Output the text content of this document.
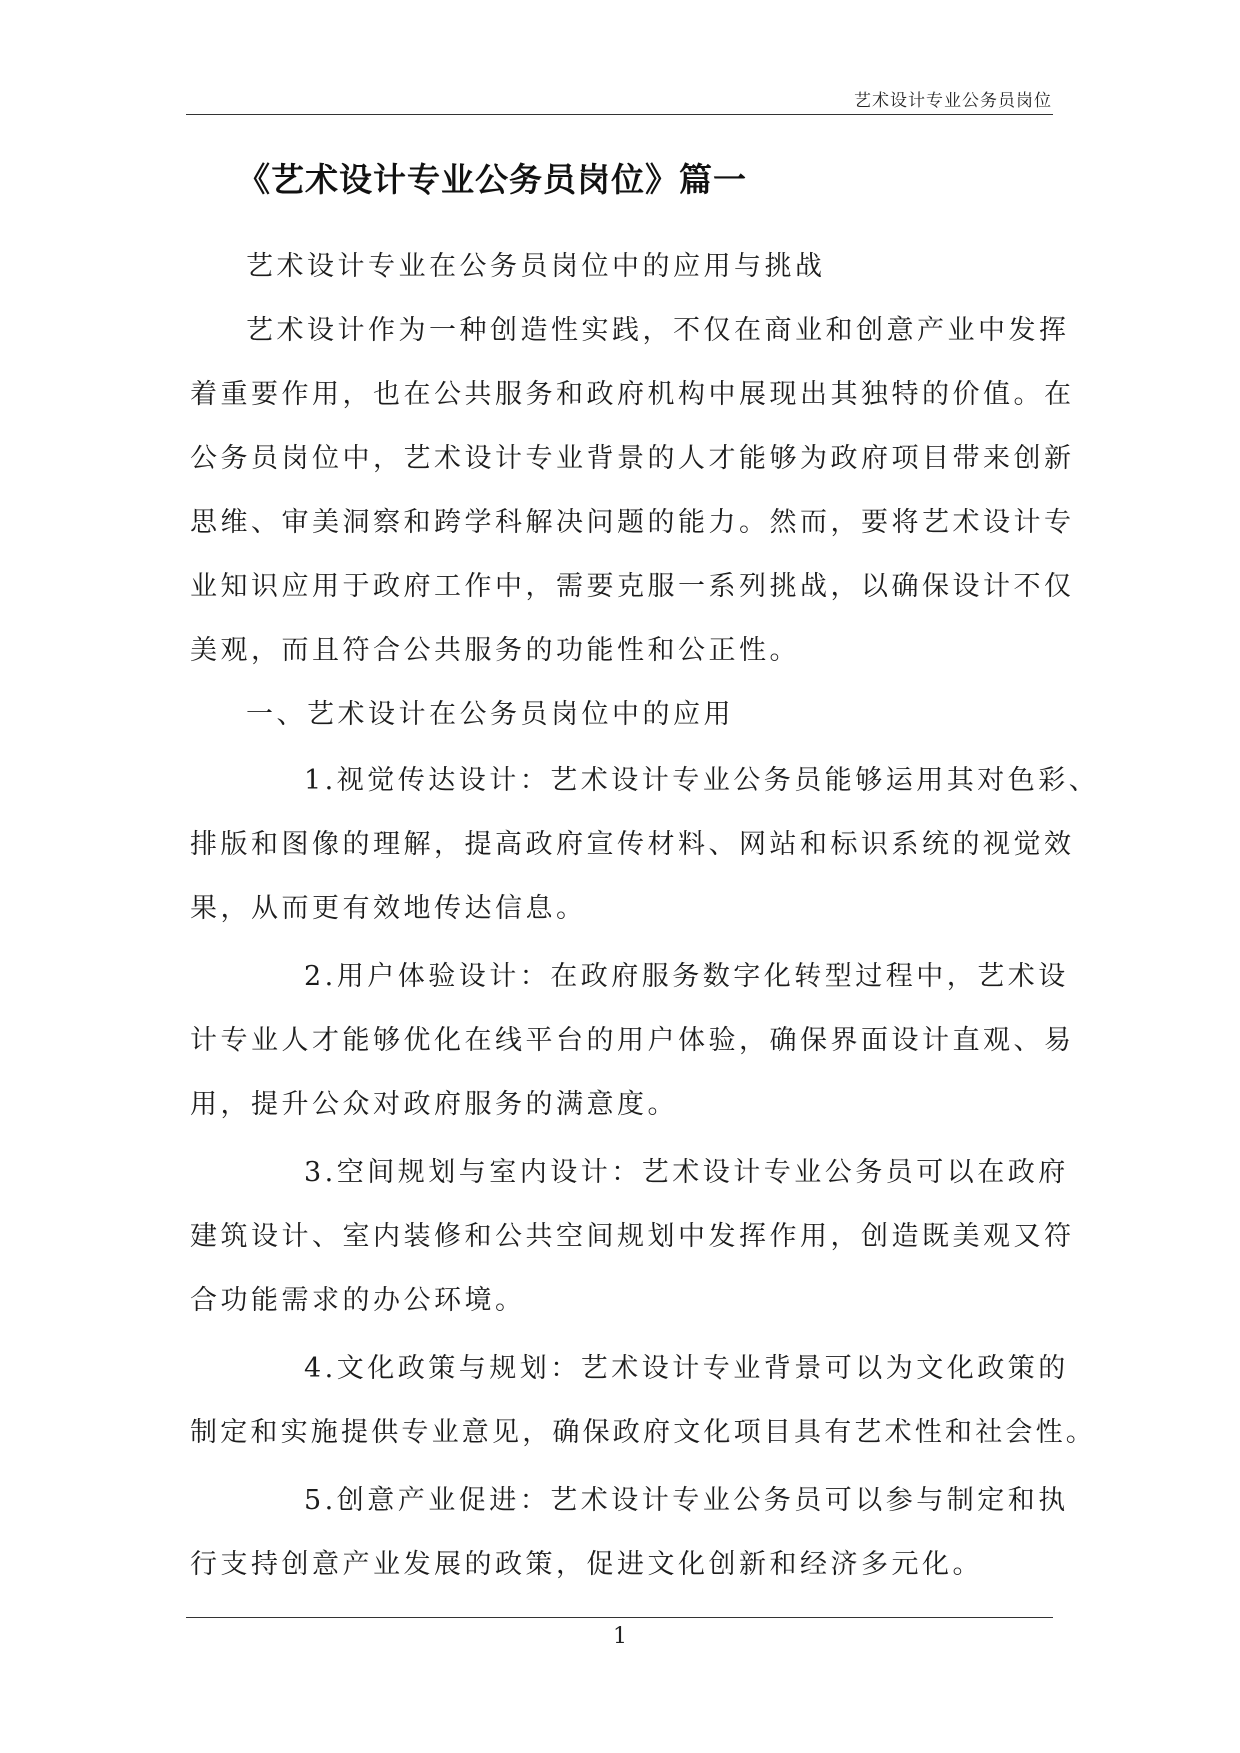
艺术设计专业公务员岗位
《艺术设计专业公务员岗位》篇一
艺术设计专业在公务员岗位中的应用与挑战
艺术设计作为一种创造性实践，不仅在商业和创意产业中发挥
着重要作用，也在公共服务和政府机构中展现出其独特的价值。在
公务员岗位中，艺术设计专业背景的人才能够为政府项目带来创新
思维、审美洞察和跨学科解决问题的能力。然而，要将艺术设计专
业知识应用于政府工作中，需要克服一系列挑战，以确保设计不仅
美观，而且符合公共服务的功能性和公正性。
一、艺术设计在公务员岗位中的应用
1.视觉传达设计：艺术设计专业公务员能够运用其对色彩、
排版和图像的理解，提高政府宣传材料、网站和标识系统的视觉效
果，从而更有效地传达信息。
2.用户体验设计：在政府服务数字化转型过程中，艺术设
计专业人才能够优化在线平台的用户体验，确保界面设计直观、易
用，提升公众对政府服务的满意度。
3.空间规划与室内设计：艺术设计专业公务员可以在政府
建筑设计、室内装修和公共空间规划中发挥作用，创造既美观又符
合功能需求的办公环境。
4.文化政策与规划：艺术设计专业背景可以为文化政策的
制定和实施提供专业意见，确保政府文化项目具有艺术性和社会性。
5.创意产业促进：艺术设计专业公务员可以参与制定和执
行支持创意产业发展的政策，促进文化创新和经济多元化。
1
